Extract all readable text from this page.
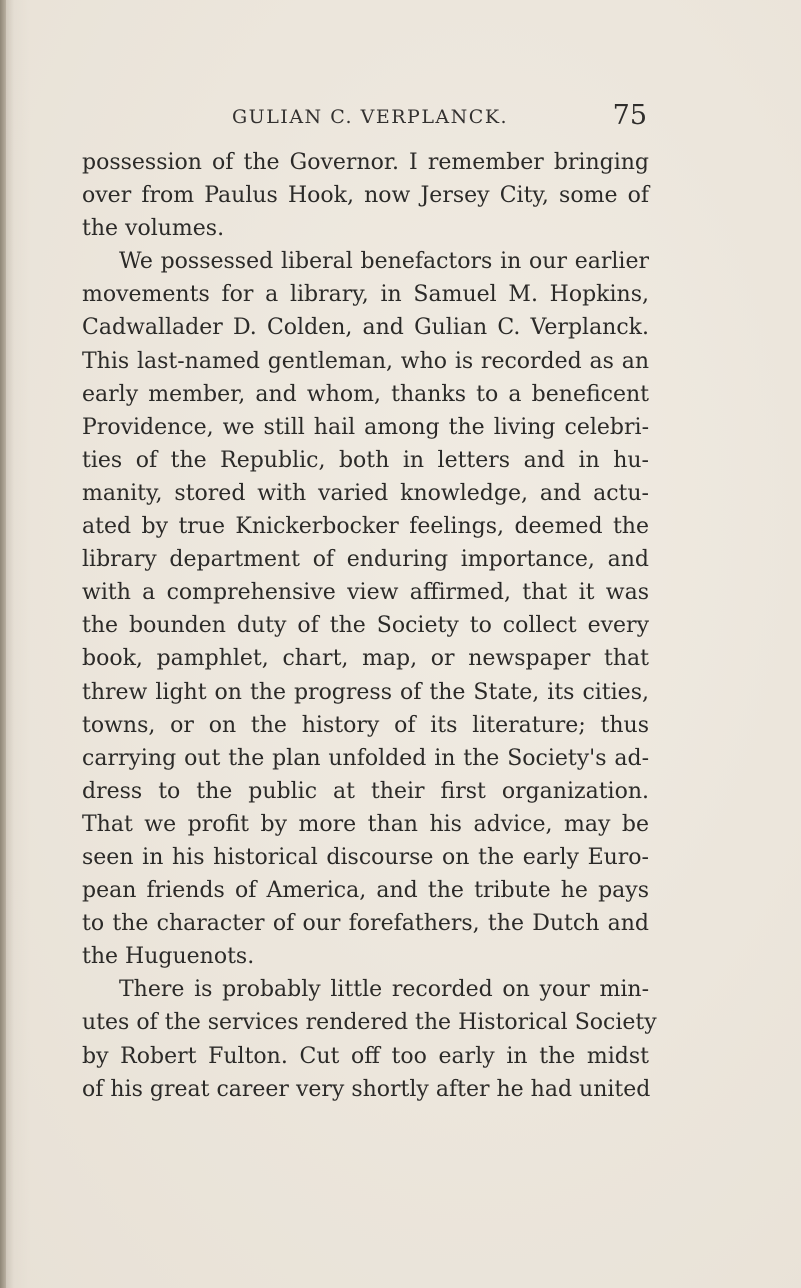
GULIAN C. VERPLANCK.	75
possession of the Governor. I remember bringing
over from Paulus Hook, now Jersey City, some of
the volumes.
We possessed liberal benefactors in our earlier
movements for a library, in Samuel M. Hopkins,
Cadwallader D. Colden, and Gulian C. Verplanck.
This last-named gentleman, who is recorded as an
early member, and whom, thanks to a beneficent
Providence, we still hail among the living celebri-
ties of the Republic, both in letters and in hu-
manity, stored with varied knowledge, and actu-
ated by true Knickerbocker feelings, deemed the
library department of enduring importance, and
with a comprehensive view affirmed, that it was
the bounden duty of the Society to collect every
book, pamphlet, chart, map, or newspaper that
threw light on the progress of the State, its cities,
towns, or on the history of its literature; thus
carrying out the plan unfolded in the Society's ad-
dress to the public at their first organization.
That we profit by more than his advice, may be
seen in his historical discourse on the early Euro-
pean friends of America, and the tribute he pays
to the character of our forefathers, the Dutch and
the Huguenots.
There is probably little recorded on your min-
utes of the services rendered the Historical Society
by Robert Fulton. Cut off too early in the midst
of his great career very shortly after he had united
